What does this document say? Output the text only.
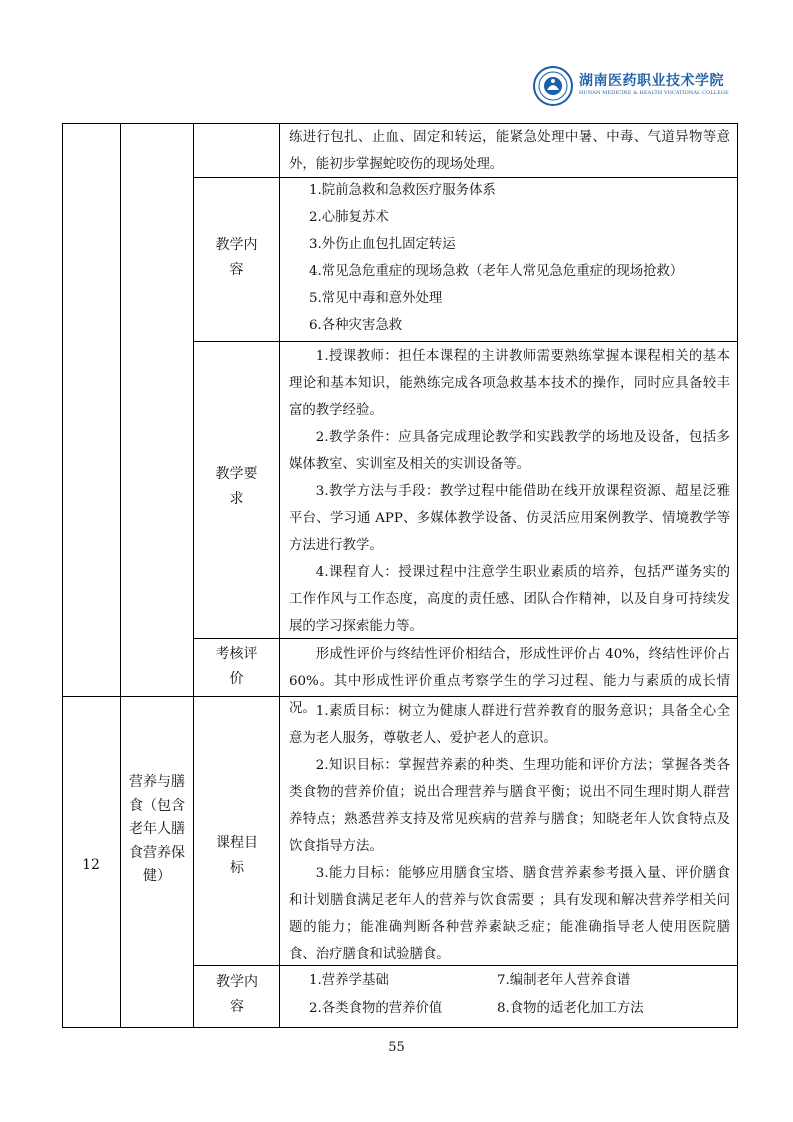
湖南医药职业技术学院
HUNAN MEDICINE & HEALTH VOCATIONAL COLLEGE

练进行包扎、止血、固定和转运，能紧急处理中暑、中毒、气道异物等意外，能初步掌握蛇咬伤的现场处理。

教学内容
1.院前急救和急救医疗服务体系
2.心肺复苏术
3.外伤止血包扎固定转运
4.常见急危重症的现场急救（老年人常见急危重症的现场抢救）
5.常见中毒和意外处理
6.各种灾害急救
教学要求

1.授课教师：担任本课程的主讲教师需要熟练掌握本课程相关的基本理论和基本知识，能熟练完成各项急救基本技术的操作，同时应具备较丰富的教学经验。

2.教学条件：应具备完成理论教学和实践教学的场地及设备，包括多媒体教室、实训室及相关的实训设备等。

3.教学方法与手段：教学过程中能借助在线开放课程资源、超星泛雅平台、学习通 APP、多媒体教学设备、仿灵活应用案例教学、情境教学等方法进行教学。

4.课程育人：授课过程中注意学生职业素质的培养，包括严谨务实的工作作风与工作态度，高度的责任感、团队合作精神，以及自身可持续发展的学习探索能力等。

考核评价

形成性评价与终结性评价相结合，形成性评价占 40%，终结性评价占 60%。其中形成性评价重点考察学生的学习过程、能力与素质的成长情况。

12
营养与膳食（包含老年人膳食营养保健）
课程目标

1.素质目标：树立为健康人群进行营养教育的服务意识；具备全心全意为老人服务，尊敬老人、爱护老人的意识。

2.知识目标：掌握营养素的种类、生理功能和评价方法；掌握各类各类食物的营养价值；说出合理营养与膳食平衡；说出不同生理时期人群营养特点；熟悉营养支持及常见疾病的营养与膳食；知晓老年人饮食特点及饮食指导方法。

3.能力目标：能够应用膳食宝塔、膳食营养素参考摄入量、评价膳食和计划膳食满足老年人的营养与饮食需要 ；具有发现和解决营养学相关问题的能力；能准确判断各种营养素缺乏症；能准确指导老人使用医院膳食、治疗膳食和试验膳食。

教学内容
1.营养学基础
2.各类食物的营养价值
7.编制老年人营养食谱
8.食物的适老化加工方法
55
